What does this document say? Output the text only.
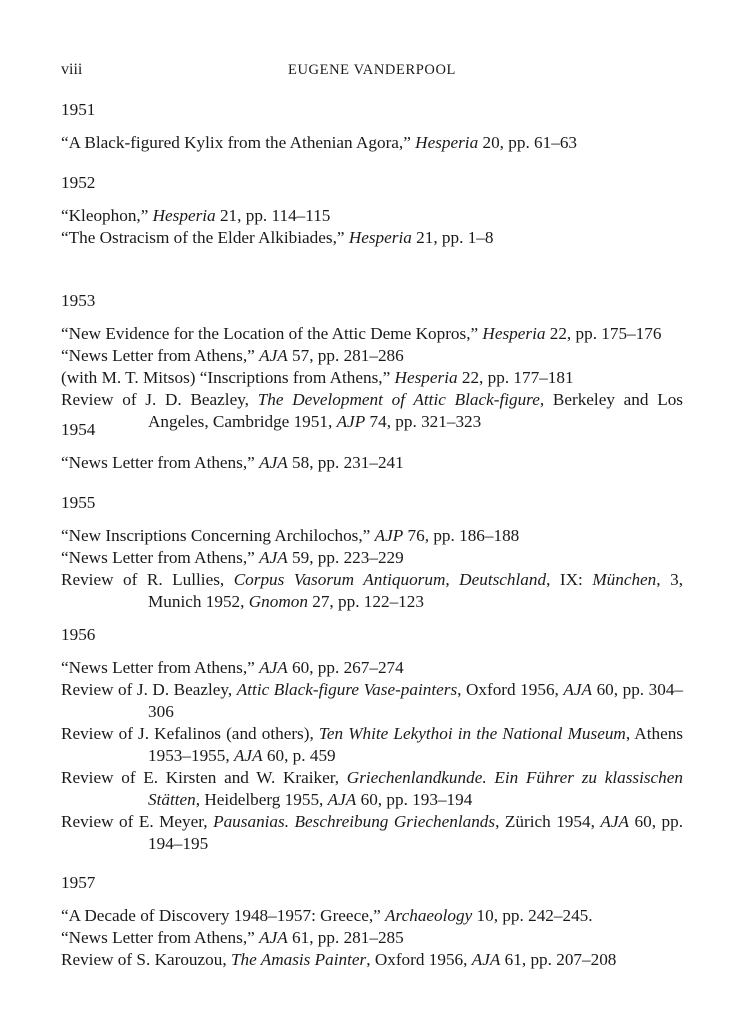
viii	EUGENE VANDERPOOL
1951

“A Black-figured Kylix from the Athenian Agora,” Hesperia 20, pp. 61–63

1952

“Kleophon,” Hesperia 21, pp. 114–115

“The Ostracism of the Elder Alkibiades,” Hesperia 21, pp. 1–8

1953

“New Evidence for the Location of the Attic Deme Kopros,” Hesperia 22, pp. 175–176

“News Letter from Athens,” AJA 57, pp. 281–286

(with M. T. Mitsos) “Inscriptions from Athens,” Hesperia 22, pp. 177–181

Review of J. D. Beazley, The Development of Attic Black-figure, Berkeley and Los Angeles, Cambridge 1951, AJP 74, pp. 321–323

1954

“News Letter from Athens,” AJA 58, pp. 231–241

1955

“New Inscriptions Concerning Archilochos,” AJP 76, pp. 186–188

“News Letter from Athens,” AJA 59, pp. 223–229

Review of R. Lullies, Corpus Vasorum Antiquorum, Deutschland, IX: München, 3, Munich 1952, Gnomon 27, pp. 122–123

1956

“News Letter from Athens,” AJA 60, pp. 267–274

Review of J. D. Beazley, Attic Black-figure Vase-painters, Oxford 1956, AJA 60, pp. 304–306

Review of J. Kefalinos (and others), Ten White Lekythoi in the National Museum, Athens 1953–1955, AJA 60, p. 459

Review of E. Kirsten and W. Kraiker, Griechenlandkunde. Ein Führer zu klassischen Stätten, Heidelberg 1955, AJA 60, pp. 193–194

Review of E. Meyer, Pausanias. Beschreibung Griechenlands, Zürich 1954, AJA 60, pp. 194–195

1957

“A Decade of Discovery 1948–1957: Greece,” Archaeology 10, pp. 242–245.

“News Letter from Athens,” AJA 61, pp. 281–285

Review of S. Karouzou, The Amasis Painter, Oxford 1956, AJA 61, pp. 207–208
